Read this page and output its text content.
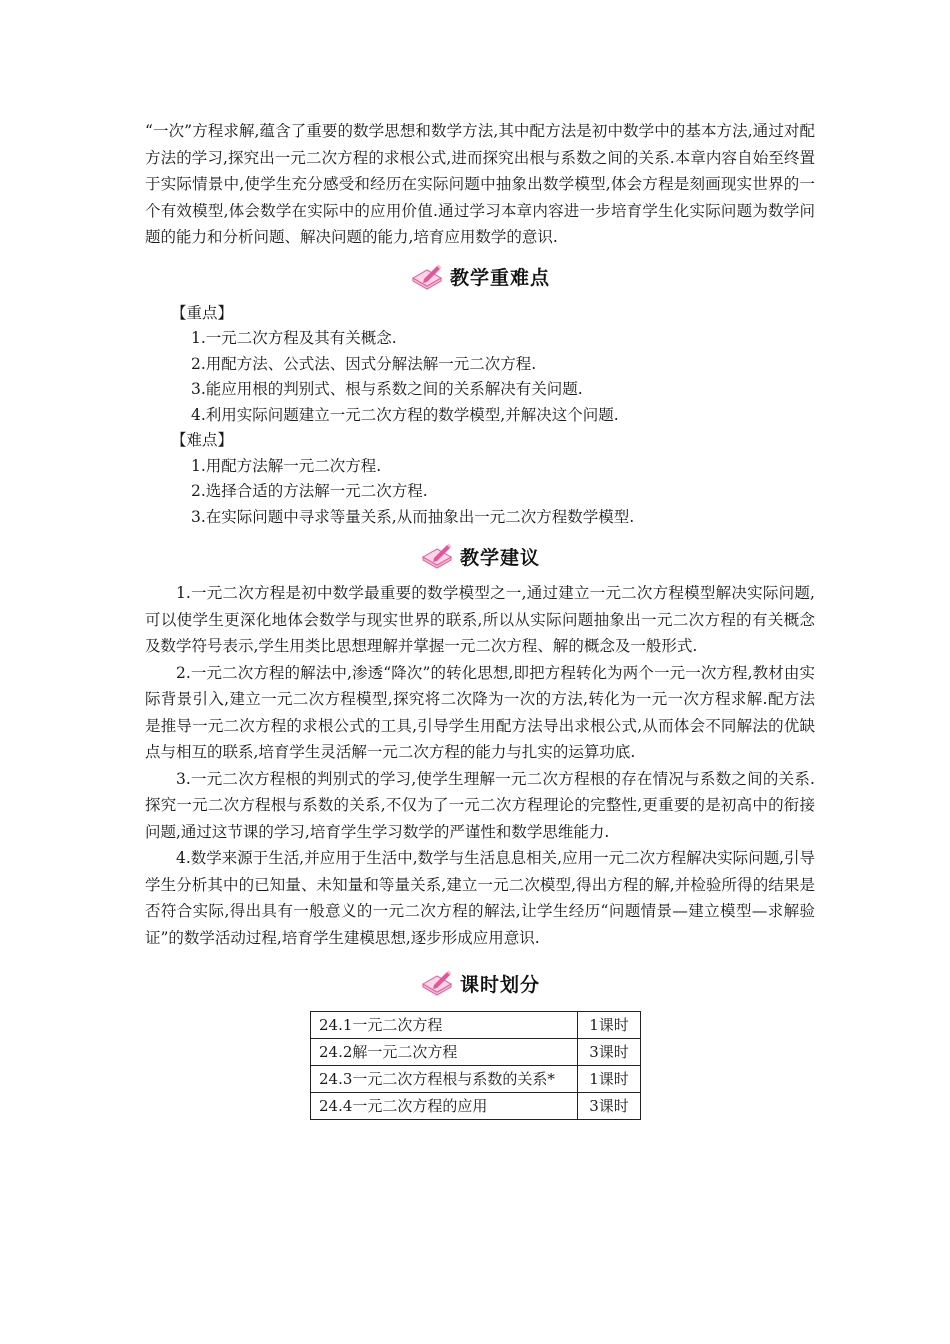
“一次”方程求解,蕴含了重要的数学思想和数学方法,其中配方法是初中数学中的基本方法,通过对配方法的学习,探究出一元二次方程的求根公式,进而探究出根与系数之间的关系.本章内容自始至终置于实际情景中,使学生充分感受和经历在实际问题中抽象出数学模型,体会方程是刻画现实世界的一个有效模型,体会数学在实际中的应用价值.通过学习本章内容进一步培育学生化实际问题为数学问题的能力和分析问题、解决问题的能力,培育应用数学的意识.

教学重难点

【重点】

1.一元二次方程及其有关概念.

2.用配方法、公式法、因式分解法解一元二次方程.

3.能应用根的判别式、根与系数之间的关系解决有关问题.

4.利用实际问题建立一元二次方程的数学模型,并解决这个问题.

【难点】

1.用配方法解一元二次方程.

2.选择合适的方法解一元二次方程.

3.在实际问题中寻求等量关系,从而抽象出一元二次方程数学模型.

教学建议

1.一元二次方程是初中数学最重要的数学模型之一,通过建立一元二次方程模型解决实际问题,可以使学生更深化地体会数学与现实世界的联系,所以从实际问题抽象出一元二次方程的有关概念及数学符号表示,学生用类比思想理解并掌握一元二次方程、解的概念及一般形式.

2.一元二次方程的解法中,渗透“降次”的转化思想,即把方程转化为两个一元一次方程,教材由实际背景引入,建立一元二次方程模型,探究将二次降为一次的方法,转化为一元一次方程求解.配方法是推导一元二次方程的求根公式的工具,引导学生用配方法导出求根公式,从而体会不同解法的优缺点与相互的联系,培育学生灵活解一元二次方程的能力与扎实的运算功底.

3.一元二次方程根的判别式的学习,使学生理解一元二次方程根的存在情况与系数之间的关系.探究一元二次方程根与系数的关系,不仅为了一元二次方程理论的完整性,更重要的是初高中的衔接问题,通过这节课的学习,培育学生学习数学的严谨性和数学思维能力.

4.数学来源于生活,并应用于生活中,数学与生活息息相关,应用一元二次方程解决实际问题,引导学生分析其中的已知量、未知量和等量关系,建立一元二次模型,得出方程的解,并检验所得的结果是否符合实际,得出具有一般意义的一元二次方程的解法,让学生经历“问题情景—建立模型—求解验证”的数学活动过程,培育学生建模思想,逐步形成应用意识.

课时划分
24.1一元二次方程	1课时
24.2解一元二次方程	3课时
24.3一元二次方程根与系数的关系*	1课时
24.4一元二次方程的应用	3课时
